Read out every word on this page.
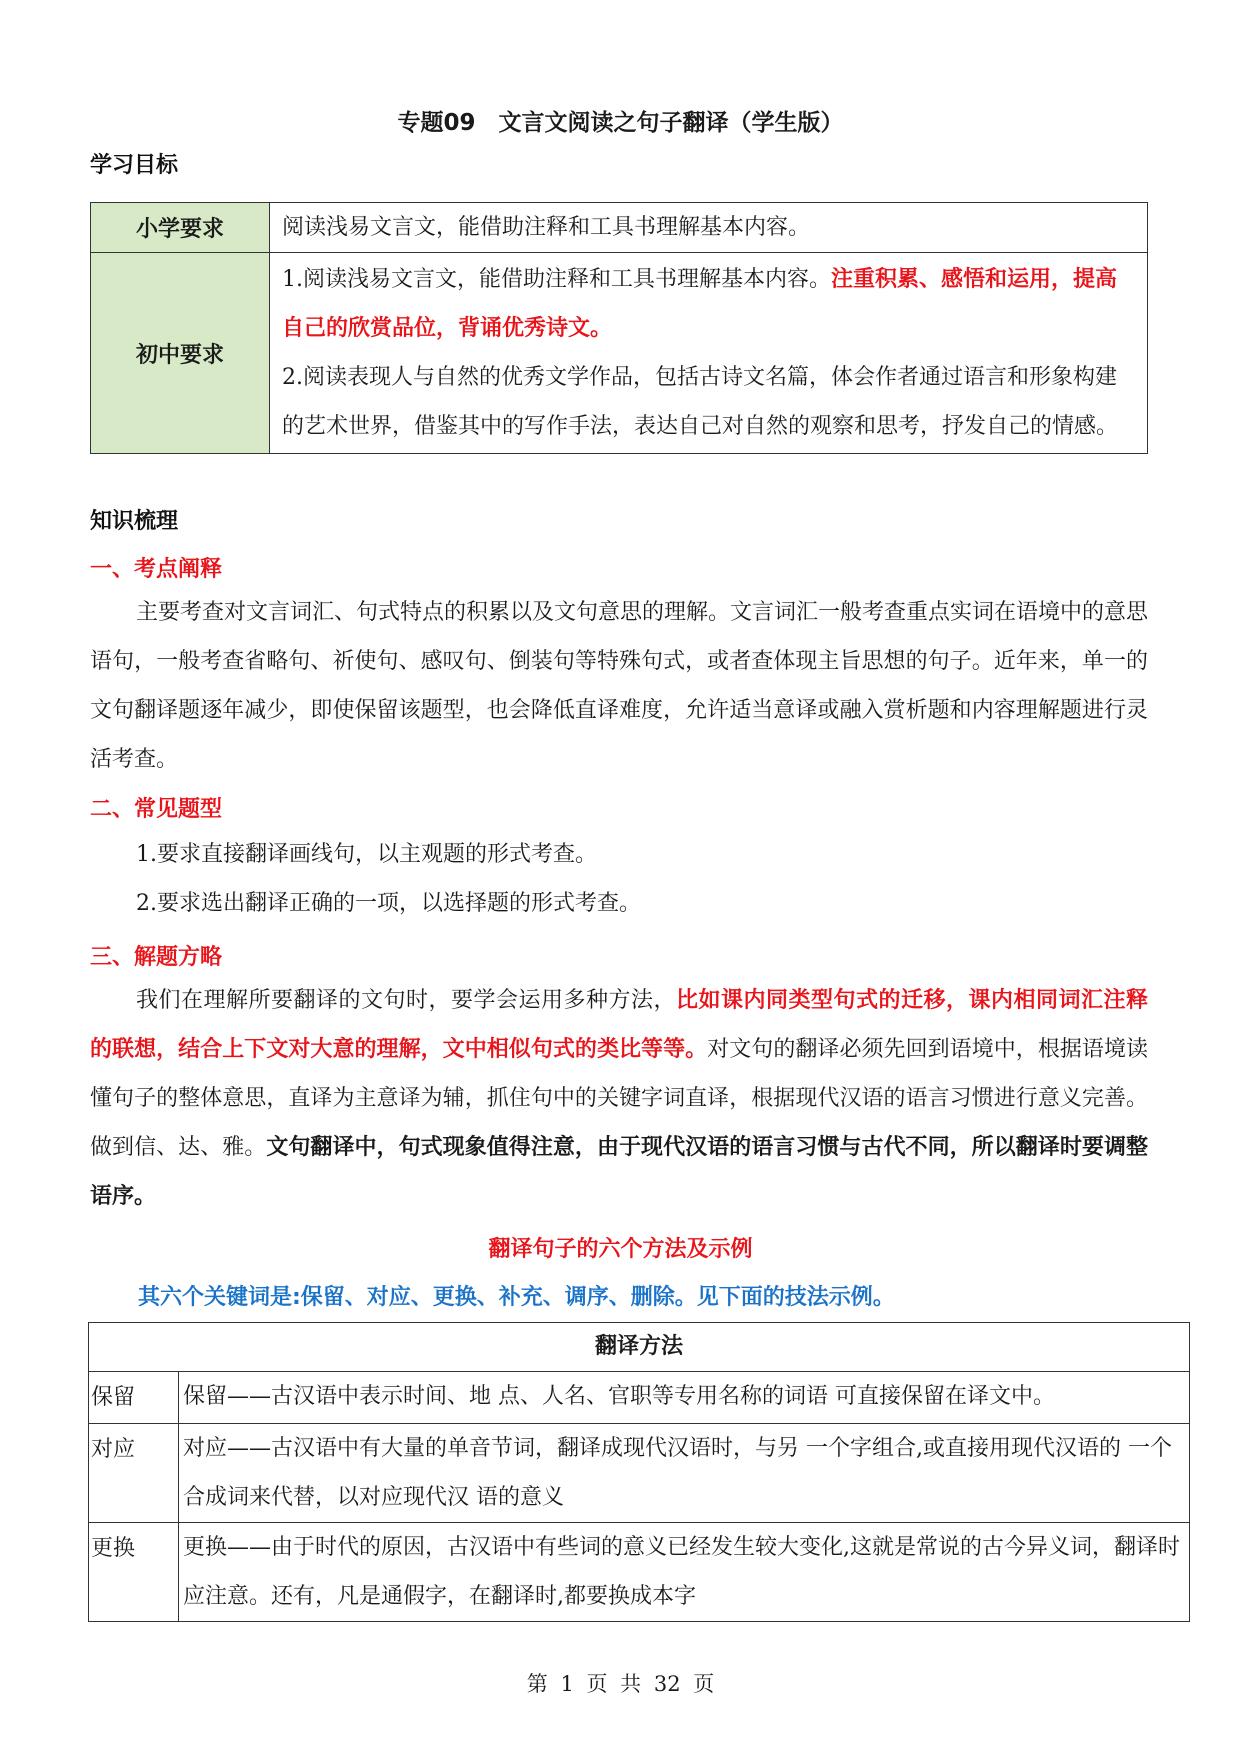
专题09　文言文阅读之句子翻译（学生版）
学习目标
小学要求	阅读浅易文言文，能借助注释和工具书理解基本内容。
初中要求	1.阅读浅易文言文，能借助注释和工具书理解基本内容。注重积累、感悟和运用，提高自己的欣赏品位，背诵优秀诗文。
2.阅读表现人与自然的优秀文学作品，包括古诗文名篇，体会作者通过语言和形象构建的艺术世界，借鉴其中的写作手法，表达自己对自然的观察和思考，抒发自己的情感。
知识梳理
一、考点阐释
主要考查对文言词汇、句式特点的积累以及文句意思的理解。文言词汇一般考查重点实词在语境中的意思语句，一般考查省略句、祈使句、感叹句、倒装句等特殊句式，或者查体现主旨思想的句子。近年来，单一的文句翻译题逐年减少，即使保留该题型，也会降低直译难度，允许适当意译或融入赏析题和内容理解题进行灵活考查。
二、常见题型
1.要求直接翻译画线句，以主观题的形式考查。
2.要求选出翻译正确的一项，以选择题的形式考查。
三、解题方略
我们在理解所要翻译的文句时，要学会运用多种方法，比如课内同类型句式的迁移，课内相同词汇注释的联想，结合上下文对大意的理解，文中相似句式的类比等等。对文句的翻译必须先回到语境中，根据语境读懂句子的整体意思，直译为主意译为辅，抓住句中的关键字词直译，根据现代汉语的语言习惯进行意义完善。做到信、达、雅。文句翻译中，句式现象值得注意，由于现代汉语的语言习惯与古代不同，所以翻译时要调整语序。
翻译句子的六个方法及示例
其六个关键词是:保留、对应、更换、补充、调序、删除。见下面的技法示例。
翻译方法	
保留	保留——古汉语中表示时间、地 点、人名、官职等专用名称的词语 可直接保留在译文中。
对应	对应——古汉语中有大量的单音节词，翻译成现代汉语时，与另 一个字组合,或直接用现代汉语的 一个合成词来代替，以对应现代汉 语的意义
更换	更换——由于时代的原因，古汉语中有些词的意义已经发生较大变化,这就是常说的古今异义词，翻译时应注意。还有，凡是通假字，在翻译时,都要换成本字
第 1 页 共 32 页
